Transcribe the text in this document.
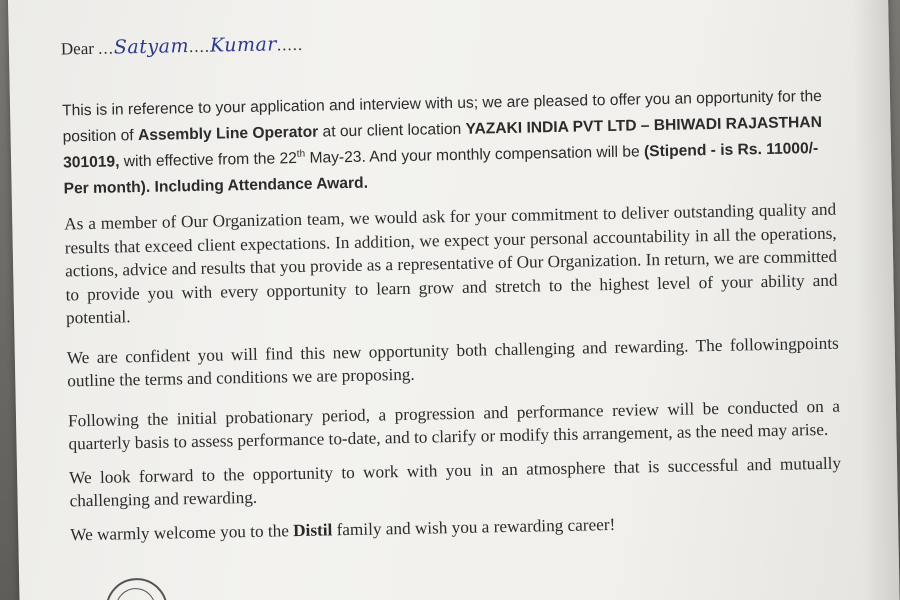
Dear ...Satyam....Kumar.....

This is in reference to your application and interview with us; we are pleased to offer you an opportunity for the position of Assembly Line Operator at our client location YAZAKI INDIA PVT LTD – BHIWADI RAJASTHAN 301019, with effective from the 22th May-23. And your monthly compensation will be (Stipend - is Rs. 11000/- Per month). Including Attendance Award.

As a member of Our Organization team, we would ask for your commitment to deliver outstanding quality and results that exceed client expectations. In addition, we expect your personal accountability in all the operations, actions, advice and results that you provide as a representative of Our Organization. In return, we are committed to provide you with every opportunity to learn grow and stretch to the highest level of your ability and potential.

We are confident you will find this new opportunity both challenging and rewarding. The followingpoints outline the terms and conditions we are proposing.

Following the initial probationary period, a progression and performance review will be conducted on a quarterly basis to assess performance to-date, and to clarify or modify this arrangement, as the need may arise.

We look forward to the opportunity to work with you in an atmosphere that is successful and mutually challenging and rewarding.

We warmly welcome you to the Distil family and wish you a rewarding career!
